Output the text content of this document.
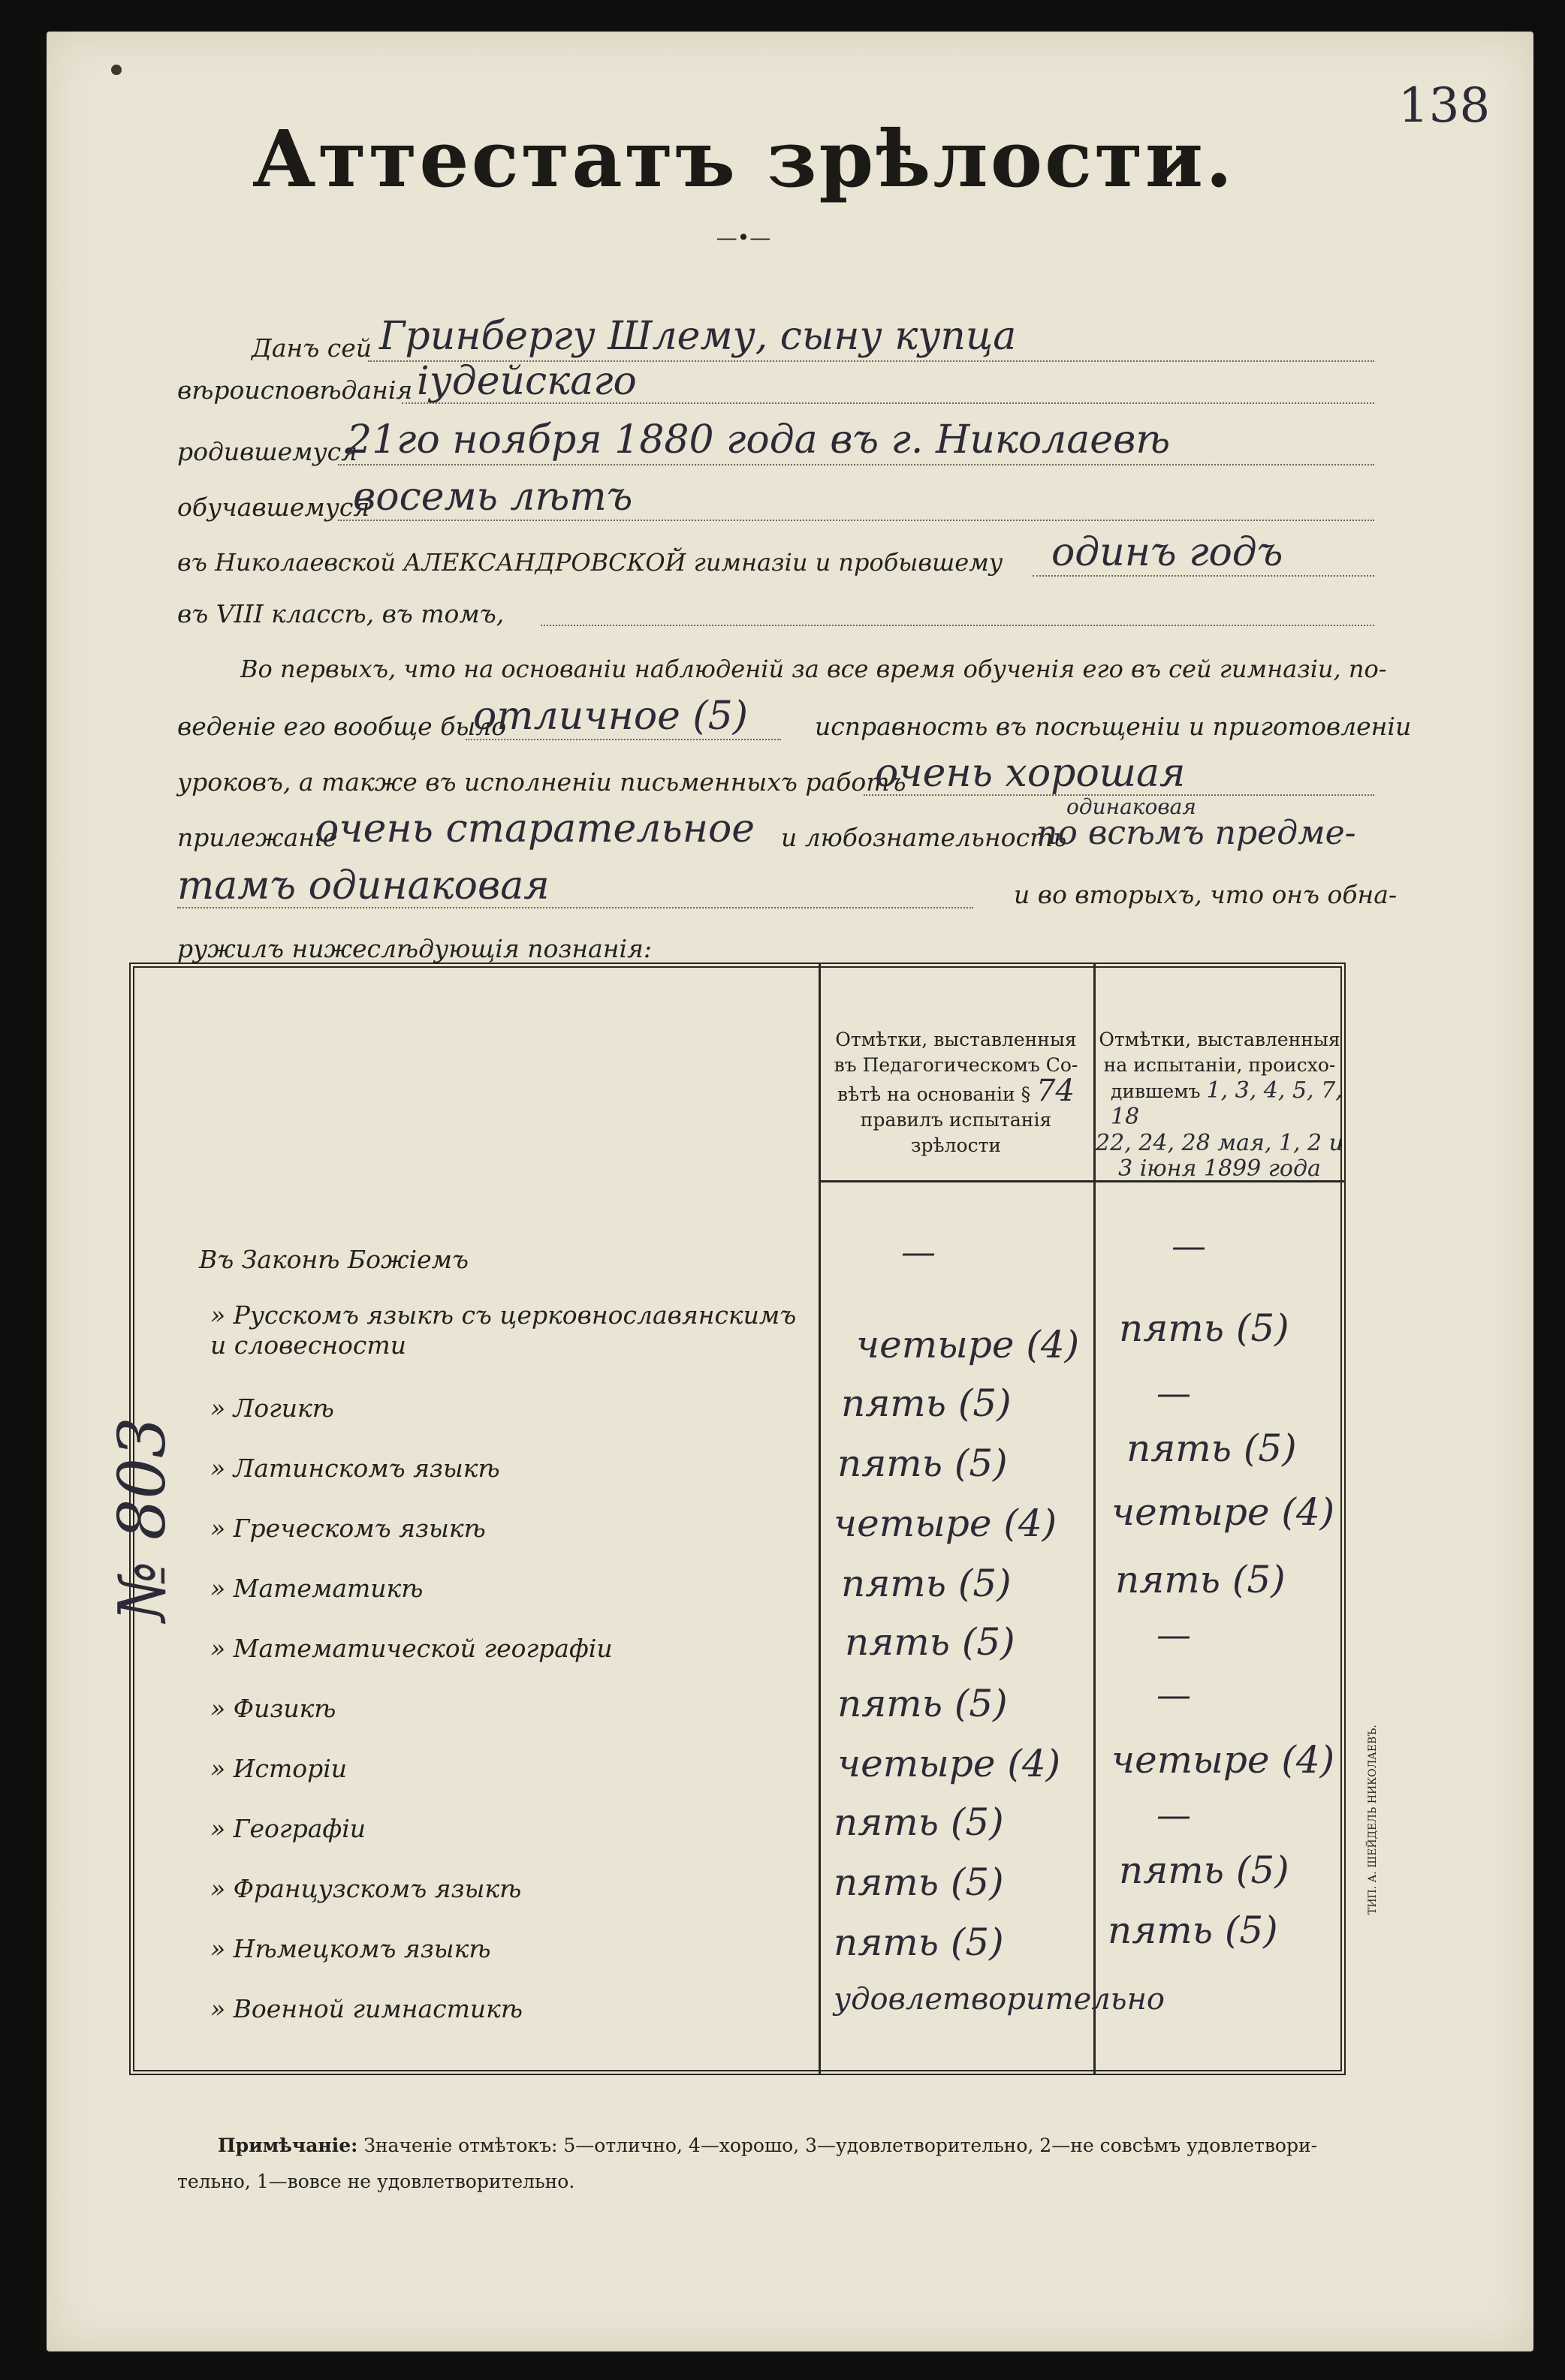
138
Аттестатъ зрѣлости.
—•—
Данъ сей Гринбергу Шлему, сыну купца
вѣроисповѣданія іудейскаго
родившемуся
21го ноября 1880 года въ г. Николаевѣ
обучавшемуся
восемь лѣтъ
въ Николаевской АЛЕКСАНДРОВСКОЙ гимназіи и пробывшему одинъ годъ
въ VIII классѣ, въ томъ,
Во первыхъ, что на основаніи наблюденій за все время обученія его въ сей гимназіи, по-
веденіе его вообще было
отличное (5)	исправность въ посѣщеніи и приготовленіи
уроковъ, а также въ исполненіи письменныхъ работъ
очень хорошая
одинаковая
прилежаніе
очень старательное и любознательность
по всѣмъ предме-
тамъ одинаковая	и во вторыхъ, что онъ обна-
ружилъ нижеслѣдующія познанія:
Отмѣтки, выставленныя
въ Педагогическомъ Со-
вѣтѣ на основаніи § 74
правилъ испытанія
зрѣлости
Отмѣтки, выставленныя
на испытаніи, происхо-
дившемъ 1, 3, 4, 5, 7, 18
22, 24, 28 мая, 1, 2 и
3 іюня 1899 года
ТИП. А. ШЕЙДЕЛЬ НИКОЛАЕВЪ.
Въ Законѣ Божіемъ	—	—
» Русскомъ языкѣ съ церковнославянскимъ и словесности	четыре (4) пять (5)
» Логикѣ	пять (5)	—
» Латинскомъ языкѣ	пять (5)	пять (5)
» Греческомъ языкѣ	четыре (4) четыре (4)
» Математикѣ	пять (5)	пять (5)
» Математической географіи	пять (5)	—
» Физикѣ	пять (5)	—
» Исторіи	четыре (4) четыре (4)
» Географіи	пять (5)	—
» Французскомъ языкѣ	пять (5)	пять (5)
» Нѣмецкомъ языкѣ	пять (5)	пять (5)
» Военной гимнастикѣ	удовлетворительно
№ 803
Примѣчаніе: Значеніе отмѣтокъ: 5—отлично, 4—хорошо, 3—удовлетворительно, 2—не совсѣмъ удовлетвори-
тельно, 1—вовсе не удовлетворительно.
